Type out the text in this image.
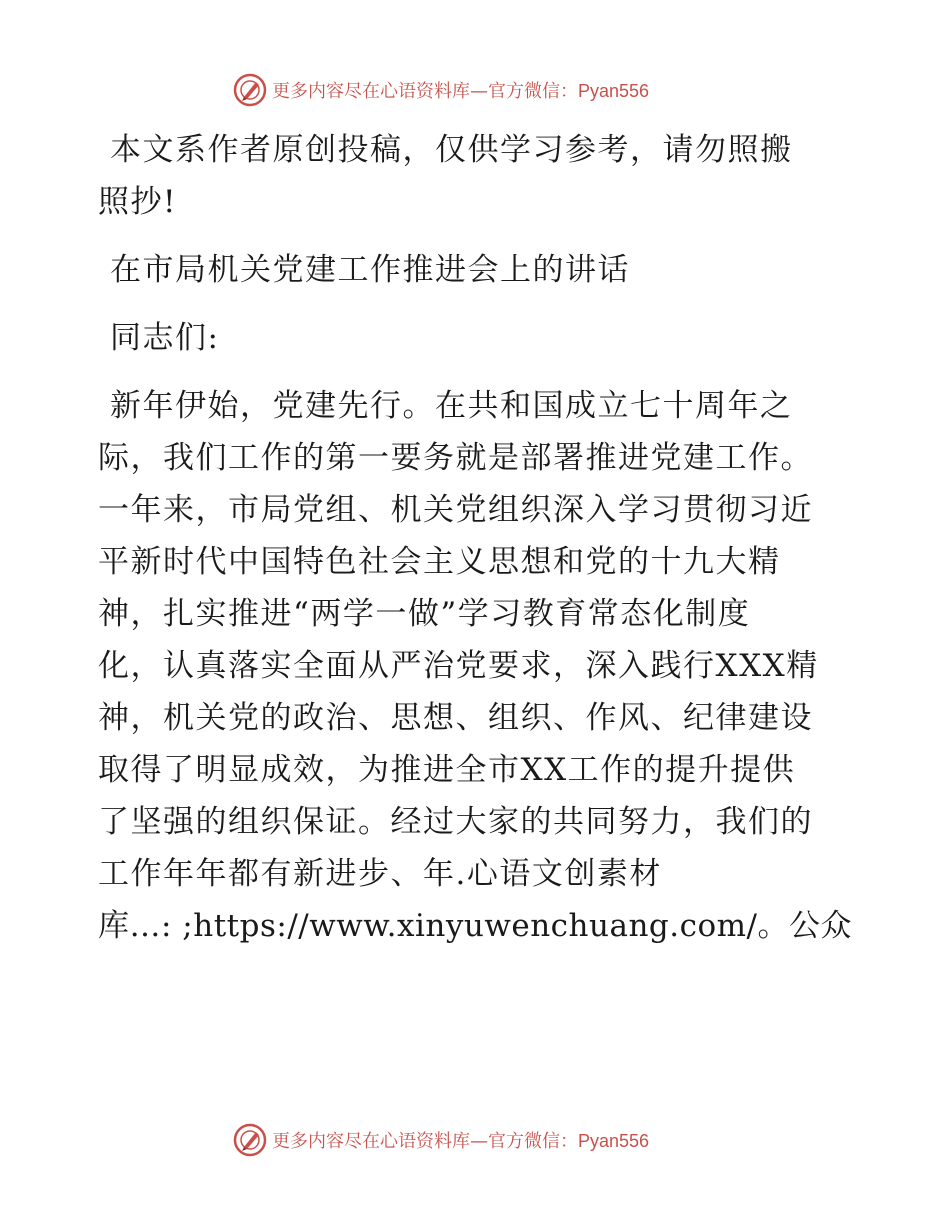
更多内容尽在心语资料库—官方微信：Pyan556
本文系作者原创投稿，仅供学习参考，请勿照搬
照抄!
在市局机关党建工作推进会上的讲话
同志们:
新年伊始，党建先行。在共和国成立七十周年之
际，我们工作的第一要务就是部署推进党建工作。
一年来，市局党组、机关党组织深入学习贯彻习近
平新时代中国特色社会主义思想和党的十九大精
神，扎实推进“两学一做”学习教育常态化制度
化，认真落实全面从严治党要求，深入践行XXX精
神，机关党的政治、思想、组织、作风、纪律建设
取得了明显成效，为推进全市XX工作的提升提供
了坚强的组织保证。经过大家的共同努力，我们的
工作年年都有新进步、年.心语文创素材
库…: ;https://www.xinyuwenchuang.com/。公众
更多内容尽在心语资料库—官方微信：Pyan556
